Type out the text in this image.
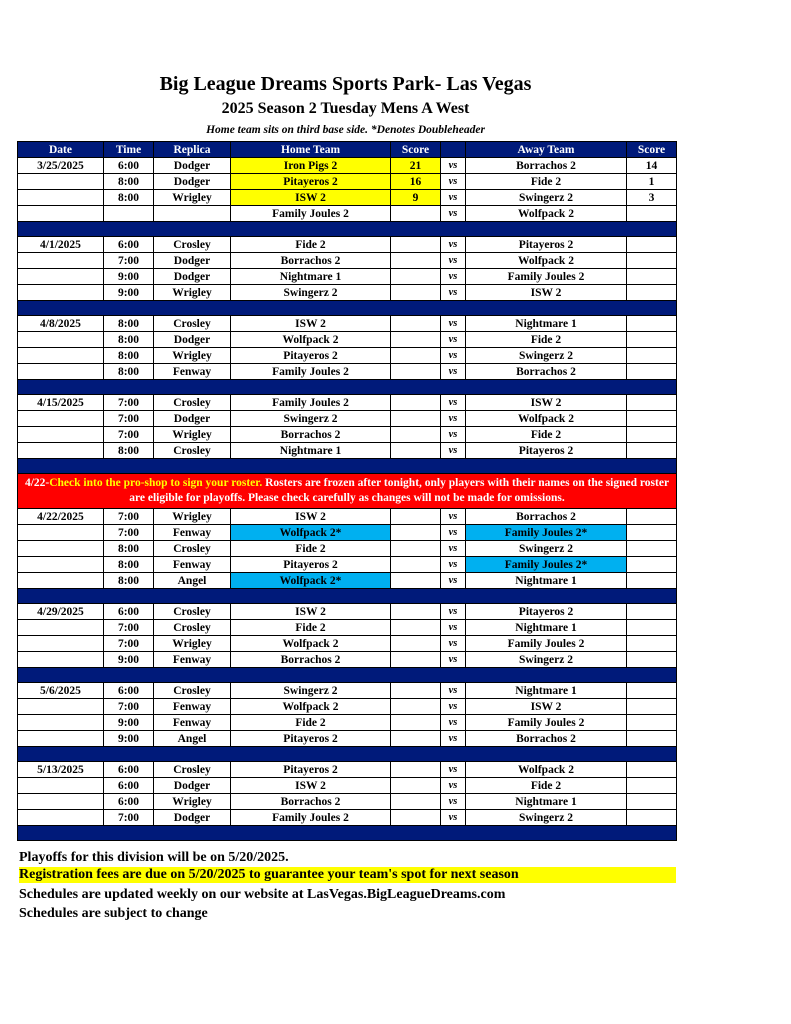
Big League Dreams Sports Park- Las Vegas
2025 Season 2 Tuesday Mens A West
Home team sits on third base side. *Denotes Doubleheader
Date	Time	Replica	Home Team	Score		Away Team	Score
3/25/2025	6:00	Dodger	Iron Pigs 2	21	vs	Borrachos 2	14
	8:00	Dodger	Pitayeros 2	16	vs	Fide 2	1
	8:00	Wrigley	ISW 2	9	vs	Swingerz 2	3
			Family Joules 2		vs	Wolfpack 2	

4/1/2025	6:00	Crosley	Fide 2		vs	Pitayeros 2	
	7:00	Dodger	Borrachos 2		vs	Wolfpack 2	
	9:00	Dodger	Nightmare 1		vs	Family Joules 2	
	9:00	Wrigley	Swingerz 2		vs	ISW 2	

4/8/2025	8:00	Crosley	ISW 2		vs	Nightmare 1	
	8:00	Dodger	Wolfpack 2		vs	Fide 2	
	8:00	Wrigley	Pitayeros 2		vs	Swingerz 2	
	8:00	Fenway	Family Joules 2		vs	Borrachos 2	

4/15/2025	7:00	Crosley	Family Joules 2		vs	ISW 2	
	7:00	Dodger	Swingerz 2		vs	Wolfpack 2	
	7:00	Wrigley	Borrachos 2		vs	Fide 2	
	8:00	Crosley	Nightmare 1		vs	Pitayeros 2	

4/22-Check into the pro-shop to sign your roster. Rosters are frozen after tonight, only players with their names on the signed roster are eligible for playoffs. Please check carefully as changes will not be made for omissions.							
4/22/2025	7:00	Wrigley	ISW 2		vs	Borrachos 2	
	7:00	Fenway	Wolfpack 2*		vs	Family Joules 2*	
	8:00	Crosley	Fide 2		vs	Swingerz 2	
	8:00	Fenway	Pitayeros 2		vs	Family Joules 2*	
	8:00	Angel	Wolfpack 2*		vs	Nightmare 1	

4/29/2025	6:00	Crosley	ISW 2		vs	Pitayeros 2	
	7:00	Crosley	Fide 2		vs	Nightmare 1	
	7:00	Wrigley	Wolfpack 2		vs	Family Joules 2	
	9:00	Fenway	Borrachos 2		vs	Swingerz 2	

5/6/2025	6:00	Crosley	Swingerz 2		vs	Nightmare 1	
	7:00	Fenway	Wolfpack 2		vs	ISW 2	
	9:00	Fenway	Fide 2		vs	Family Joules 2	
	9:00	Angel	Pitayeros 2		vs	Borrachos 2	

5/13/2025	6:00	Crosley	Pitayeros 2		vs	Wolfpack 2	
	6:00	Dodger	ISW 2		vs	Fide 2	
	6:00	Wrigley	Borrachos 2		vs	Nightmare 1	
	7:00	Dodger	Family Joules 2		vs	Swingerz 2	

Playoffs for this division will be on 5/20/2025.
Registration fees are due on 5/20/2025 to guarantee your team's spot for next season
Schedules are updated weekly on our website at LasVegas.BigLeagueDreams.com
Schedules are subject to change
